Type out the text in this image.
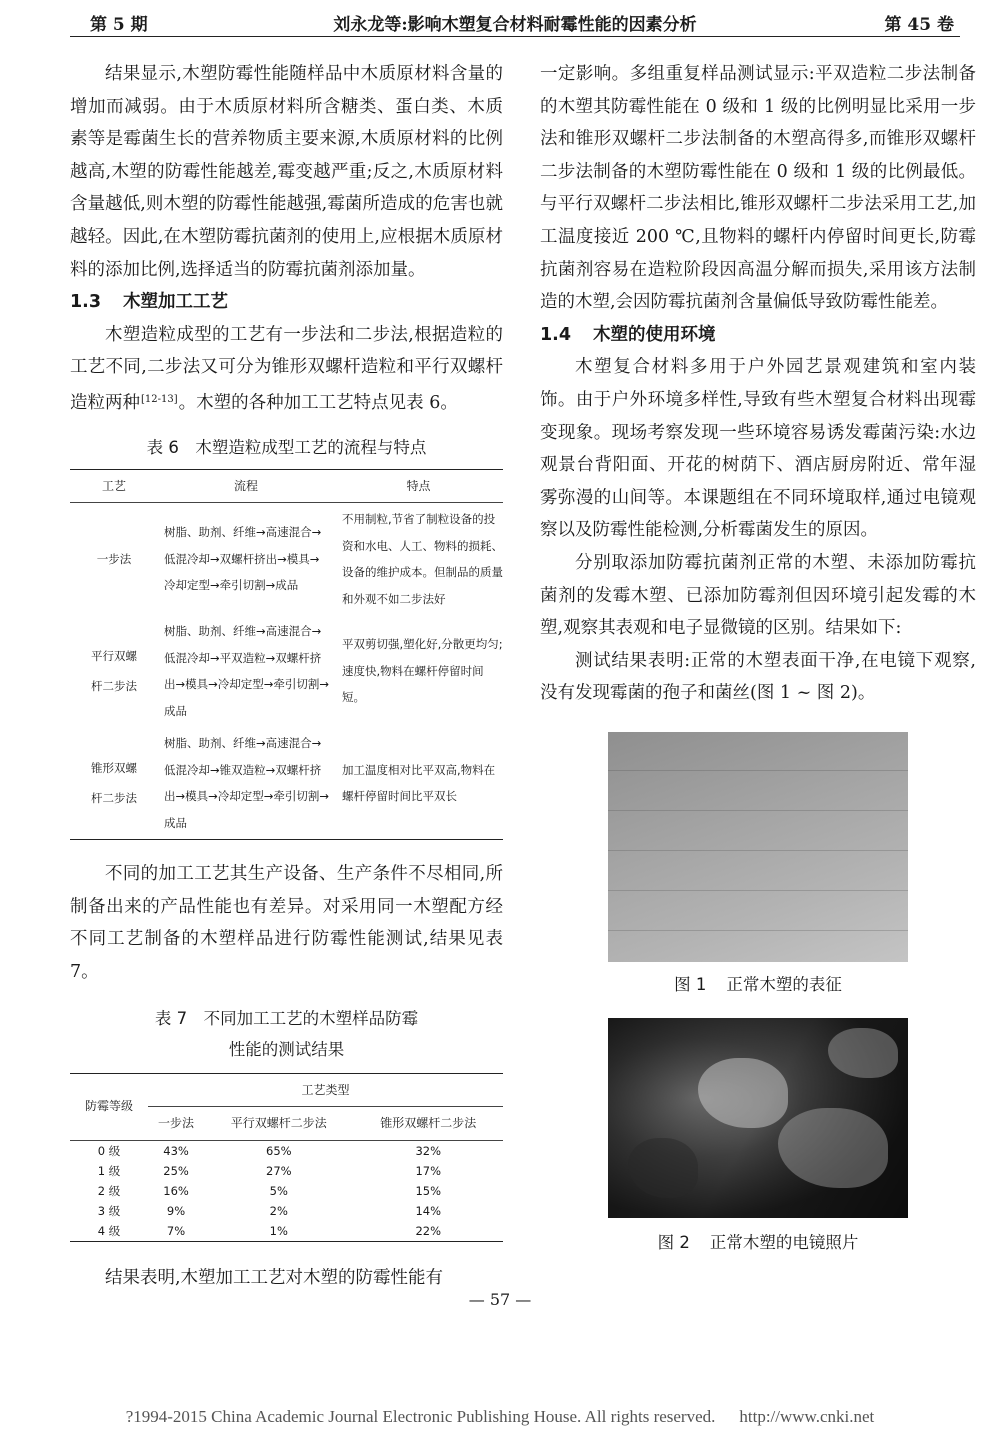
第 5 期	刘永龙等:影响木塑复合材料耐霉性能的因素分析	第 45 卷

结果显示,木塑防霉性能随样品中木质原材料含量的增加而减弱。由于木质原材料所含糖类、蛋白类、木质素等是霉菌生长的营养物质主要来源,木质原材料的比例越高,木塑的防霉性能越差,霉变越严重;反之,木质原材料含量越低,则木塑的防霉性能越强,霉菌所造成的危害也就越轻。因此,在木塑防霉抗菌剂的使用上,应根据木质原材料的添加比例,选择适当的防霉抗菌剂添加量。

1.3 木塑加工工艺

木塑造粒成型的工艺有一步法和二步法,根据造粒的工艺不同,二步法又可分为锥形双螺杆造粒和平行双螺杆造粒两种[12-13]。木塑的各种加工工艺特点见表 6。

表 6　木塑造粒成型工艺的流程与特点
工艺	流程	特点
一步法	树脂、助剂、纤维→高速混合→低混冷却→双螺杆挤出→模具→冷却定型→牵引切割→成品	不用制粒,节省了制粒设备的投资和水电、人工、物料的损耗、设备的维护成本。但制品的质量和外观不如二步法好
平行双螺杆二步法	树脂、助剂、纤维→高速混合→低混冷却→平双造粒→双螺杆挤出→模具→冷却定型→牵引切割→成品	平双剪切强,塑化好,分散更均匀;速度快,物料在螺杆停留时间短。
锥形双螺杆二步法	树脂、助剂、纤维→高速混合→低混冷却→锥双造粒→双螺杆挤出→模具→冷却定型→牵引切割→成品	加工温度相对比平双高,物料在螺杆停留时间比平双长

不同的加工工艺其生产设备、生产条件不尽相同,所制备出来的产品性能也有差异。对采用同一木塑配方经不同工艺制备的木塑样品进行防霉性能测试,结果见表 7。

表 7　不同加工工艺的木塑样品防霉
性能的测试结果
防霉等级	工艺类型		
	一步法	平行双螺杆二步法	锥形双螺杆二步法
0 级	43%	65%	32%
1 级	25%	27%	17%
2 级	16%	5%	15%
3 级	9%	2%	14%
4 级	7%	1%	22%

结果表明,木塑加工工艺对木塑的防霉性能有

一定影响。多组重复样品测试显示:平双造粒二步法制备的木塑其防霉性能在 0 级和 1 级的比例明显比采用一步法和锥形双螺杆二步法制备的木塑高得多,而锥形双螺杆二步法制备的木塑防霉性能在 0 级和 1 级的比例最低。与平行双螺杆二步法相比,锥形双螺杆二步法采用工艺,加工温度接近 200 ℃,且物料的螺杆内停留时间更长,防霉抗菌剂容易在造粒阶段因高温分解而损失,采用该方法制造的木塑,会因防霉抗菌剂含量偏低导致防霉性能差。

1.4 木塑的使用环境

木塑复合材料多用于户外园艺景观建筑和室内装饰。由于户外环境多样性,导致有些木塑复合材料出现霉变现象。现场考察发现一些环境容易诱发霉菌污染:水边观景台背阳面、开花的树荫下、酒店厨房附近、常年湿雾弥漫的山间等。本课题组在不同环境取样,通过电镜观察以及防霉性能检测,分析霉菌发生的原因。

分别取添加防霉抗菌剂正常的木塑、未添加防霉抗菌剂的发霉木塑、已添加防霉剂但因环境引起发霉的木塑,观察其表观和电子显微镜的区别。结果如下:

测试结果表明:正常的木塑表面干净,在电镜下观察,没有发现霉菌的孢子和菌丝(图 1 ~ 图 2)。

图 1 正常木塑的表征
图 2 正常木塑的电镜照片
— 57 —
?1994-2015 China Academic Journal Electronic Publishing House. All rights reserved. http://www.cnki.net
